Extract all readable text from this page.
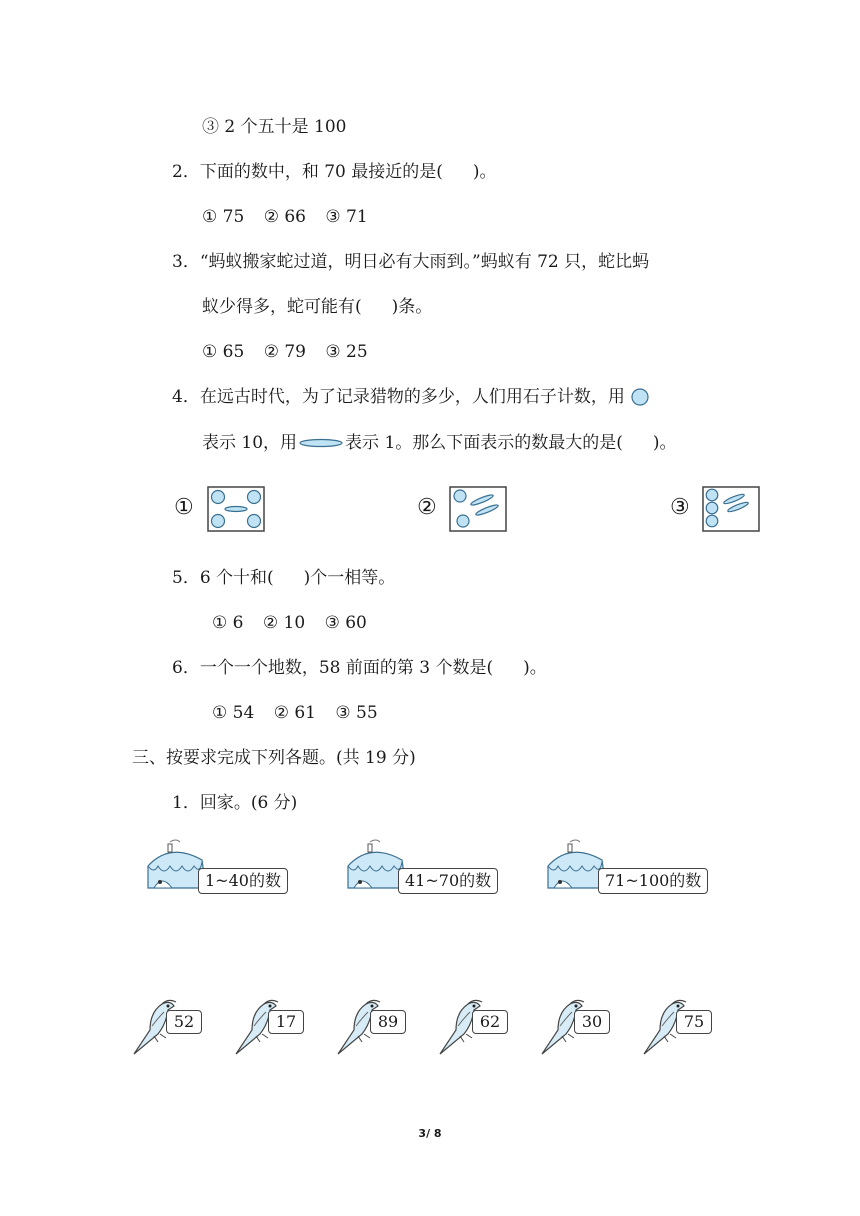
③ 2 个五十是 100
2．下面的数中，和 70 最接近的是( )。
① 75 ② 66 ③ 71
3．“蚂蚁搬家蛇过道，明日必有大雨到。”蚂蚁有 72 只，蛇比蚂
蚁少得多，蛇可能有( )条。
① 65 ② 79 ③ 25
4．在远古时代，为了记录猎物的多少，人们用石子计数，用
表示 10，用	表示 1。那么下面表示的数最大的是( )。
①	②	③
5．6 个十和( )个一相等。
① 6 ② 10 ③ 60
6．一个一个地数，58 前面的第 3 个数是( )。
① 54 ② 61 ③ 55
三、按要求完成下列各题。(共 19 分)
1．回家。(6 分)
1~40的数	41~70的数	71~100的数
52	17	89	62	30	75
3/ 8
